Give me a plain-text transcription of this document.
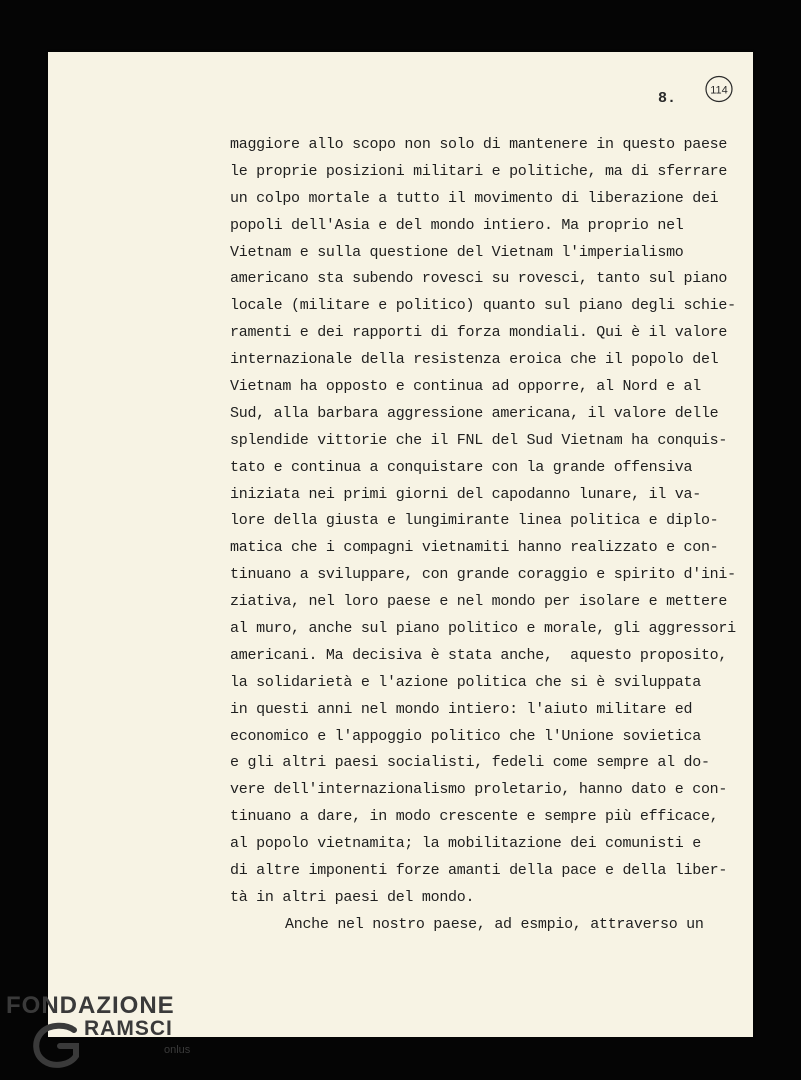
8.	114
maggiore allo scopo non solo di mantenere in questo paese
le proprie posizioni militari e politiche, ma di sferrare
un colpo mortale a tutto il movimento di liberazione dei
popoli dell'Asia e del mondo intiero. Ma proprio nel
Vietnam e sulla questione del Vietnam l'imperialismo
americano sta subendo rovesci su rovesci, tanto sul piano
locale (militare e politico) quanto sul piano degli schie-
ramenti e dei rapporti di forza mondiali. Qui è il valore
internazionale della resistenza eroica che il popolo del
Vietnam ha opposto e continua ad opporre, al Nord e al
Sud, alla barbara aggressione americana, il valore delle
splendide vittorie che il FNL del Sud Vietnam ha conquis-
tato e continua a conquistare con la grande offensiva
iniziata nei primi giorni del capodanno lunare, il va-
lore della giusta e lungimirante linea politica e diplo-
matica che i compagni vietnamiti hanno realizzato e con-
tinuano a sviluppare, con grande coraggio e spirito d'ini-
ziativa, nel loro paese e nel mondo per isolare e mettere
al muro, anche sul piano politico e morale, gli aggressori
americani. Ma decisiva è stata anche,  aquesto proposito,
la solidarietà e l'azione politica che si è sviluppata
in questi anni nel mondo intiero: l'aiuto militare ed
economico e l'appoggio politico che l'Unione sovietica
e gli altri paesi socialisti, fedeli come sempre al do-
vere dell'internazionalismo proletario, hanno dato e con-
tinuano a dare, in modo crescente e sempre più efficace,
al popolo vietnamita; la mobilitazione dei comunisti e
di altre imponenti forze amanti della pace e della liber-
tà in altri paesi del mondo.
Anche nel nostro paese, ad esmpio, attraverso un
FONDAZIONE
RAMSCI
onlus
